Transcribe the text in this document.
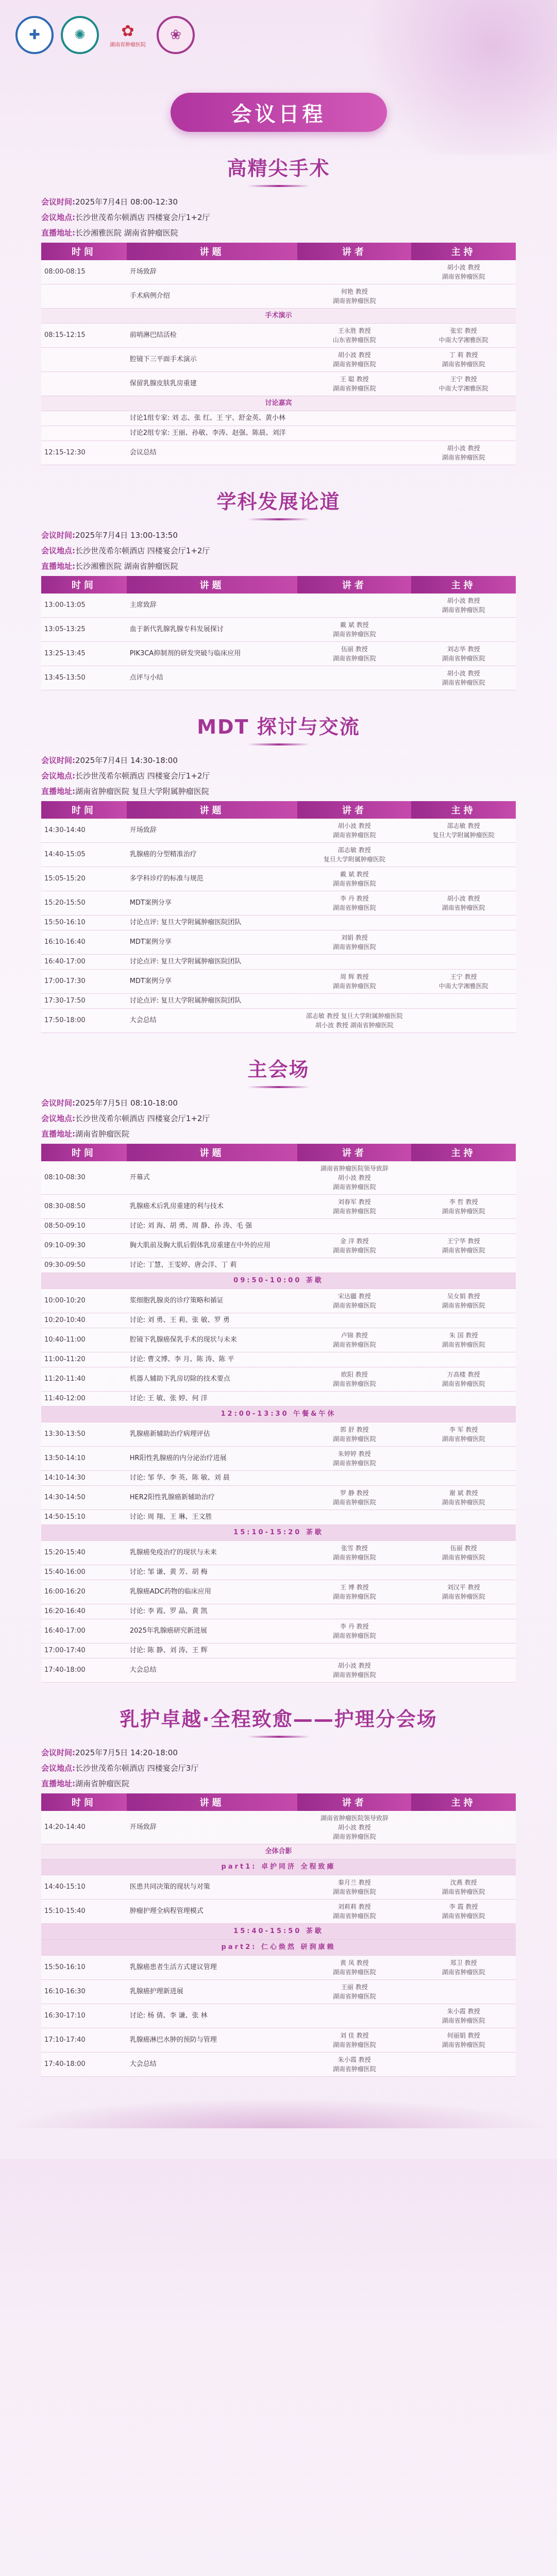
✚	✺	✿
湖南省肿瘤医院
❀
会议日程
高精尖手术
会议时间:2025年7月4日 08:00-12:30
会议地点:长沙世茂希尔顿酒店 四楼宴会厅1+2厅
直播地址:长沙湘雅医院 湖南省肿瘤医院
时间	讲题	讲者	主持
08:00-08:15	开场致辞		胡小波 教授
湖南省肿瘤医院
	手术病例介绍	何艳 教授
湖南省肿瘤医院	
手术演示			
08:15-12:15	前哨淋巴结活检	王永胜 教授
山东省肿瘤医院	张宏 教授
中南大学湘雅医院
	腔镜下三平面手术演示	胡小波 教授
湖南省肿瘤医院	丁 莉 教授
湖南省肿瘤医院
	保留乳腺皮肤乳房重建	王 聪 教授
湖南省肿瘤医院	王宁 教授
中南大学湘雅医院
讨论嘉宾			
	讨论1组专家: 刘 志、张 红、王 宇、舒金英、黄小林		
	讨论2组专家: 王丽、孙敏、李涛、赵强、陈晨、刘洋		
12:15-12:30	会议总结		胡小波 教授
湖南省肿瘤医院
学科发展论道
会议时间:2025年7月4日 13:00-13:50
会议地点:长沙世茂希尔顿酒店 四楼宴会厅1+2厅
直播地址:长沙湘雅医院 湖南省肿瘤医院
时间	讲题	讲者	主持
13:00-13:05	主席致辞		胡小波 教授
湖南省肿瘤医院
13:05-13:25	血于新代乳腺乳腺专科发展探讨	戴 斌 教授
湖南省肿瘤医院	
13:25-13:45	PIK3CA抑制剂的研发突破与临床应用	伍丽 教授
湖南省肿瘤医院	刘志华 教授
湖南省肿瘤医院
13:45-13:50	点评与小结		胡小波 教授
湖南省肿瘤医院
MDT 探讨与交流
会议时间:2025年7月4日 14:30-18:00
会议地点:长沙世茂希尔顿酒店 四楼宴会厅1+2厅
直播地址:湖南省肿瘤医院 复旦大学附属肿瘤医院
时间	讲题	讲者	主持
14:30-14:40	开场致辞	胡小波 教授
湖南省肿瘤医院	邵志敏 教授
复旦大学附属肿瘤医院
14:40-15:05	乳腺癌的分型精准治疗	邵志敏 教授
复旦大学附属肿瘤医院	
15:05-15:20	多学科诊疗的标准与规范	戴 斌 教授
湖南省肿瘤医院	
15:20-15:50	MDT案例分享	李 丹 教授
湖南省肿瘤医院	胡小波 教授
湖南省肿瘤医院
15:50-16:10	讨论点评: 复旦大学附属肿瘤医院团队		
16:10-16:40	MDT案例分享	刘娟 教授
湖南省肿瘤医院	
16:40-17:00	讨论点评: 复旦大学附属肿瘤医院团队		
17:00-17:30	MDT案例分享	周 辉 教授
湖南省肿瘤医院	王宁 教授
中南大学湘雅医院
17:30-17:50	讨论点评: 复旦大学附属肿瘤医院团队		
17:50-18:00	大会总结	邵志敏 教授 复旦大学附属肿瘤医院
胡小波 教授 湖南省肿瘤医院	
主会场
会议时间:2025年7月5日 08:10-18:00
会议地点:长沙世茂希尔顿酒店 四楼宴会厅1+2厅
直播地址:湖南省肿瘤医院
时间	讲题	讲者	主持
08:10-08:30	开幕式	湖南省肿瘤医院领导致辞
胡小波 教授
湖南省肿瘤医院	
08:30-08:50	乳腺癌术后乳房重建的利与技术	刘春军 教授
湖南省肿瘤医院	李 哲 教授
湖南省肿瘤医院
08:50-09:10	讨论: 刘 海、胡 勇、周 静、孙 涛、毛 强		
09:10-09:30	胸大肌前及胸大肌后假体乳房重建在中外的应用	金 洋 教授
湖南省肿瘤医院	王宁华 教授
湖南省肿瘤医院
09:30-09:50	讨论: 丁慧、王雯婷、唐会洋、丁 莉		
09:50-10:00 茶歇			
10:00-10:20	浆细胞乳腺炎的诊疗策略和循证	宋达疆 教授
湖南省肿瘤医院	吴女娟 教授
湖南省肿瘤医院
10:20-10:40	讨论: 刘 勇、王 莉、张 敏、罗 勇		
10:40-11:00	腔镜下乳腺癌保乳手术的现状与未来	卢锦 教授
湖南省肿瘤医院	朱 国 教授
湖南省肿瘤医院
11:00-11:20	讨论: 曹文博、李 月、陈 涛、陈 平		
11:20-11:40	机器人辅助下乳房切除的技术要点	欧阳 教授
湖南省肿瘤医院	万高楼 教授
湖南省肿瘤医院
11:40-12:00	讨论: 王 敏、张 婷、何 洋		
12:00-13:30 午餐&午休			
13:30-13:50	乳腺癌新辅助治疗病理评估	郭 舒 教授
湖南省肿瘤医院	李 军 教授
湖南省肿瘤医院
13:50-14:10	HR阳性乳腺癌的内分泌治疗进展	朱婷婷 教授
湖南省肿瘤医院	
14:10-14:30	讨论: 邹 华、李 英、陈 敏、刘 晨		
14:30-14:50	HER2阳性乳腺癌新辅助治疗	罗 静 教授
湖南省肿瘤医院	谢 斌 教授
湖南省肿瘤医院
14:50-15:10	讨论: 周 翔、王 琳、王文胜		
15:10-15:20 茶歇			
15:20-15:40	乳腺癌免疫治疗的现状与未来	张雪 教授
湖南省肿瘤医院	伍丽 教授
湖南省肿瘤医院
15:40-16:00	讨论: 邹 谦、黄 芳、胡 梅		
16:00-16:20	乳腺癌ADC药物的临床应用	王 博 教授
湖南省肿瘤医院	刘汉平 教授
湖南省肿瘤医院
16:20-16:40	讨论: 李 霞、罗 晶、黄 凯		
16:40-17:00	2025年乳腺癌研究新进展	李 丹 教授
湖南省肿瘤医院	
17:00-17:40	讨论: 陈 静、刘 涛、王 辉		
17:40-18:00	大会总结	胡小波 教授
湖南省肿瘤医院	
乳护卓越·全程致愈——护理分会场
会议时间:2025年7月5日 14:20-18:00
会议地点:长沙世茂希尔顿酒店 四楼宴会厅3厅
直播地址:湖南省肿瘤医院
时间	讲题	讲者	主持
14:20-14:40	开场致辞	湖南省肿瘤医院领导致辞
胡小波 教授
湖南省肿瘤医院	
全体合影			
part1: 卓护同济 全程致瘫			
14:40-15:10	医患共同决策的现状与对策	秦月兰 教授
湖南省肿瘤医院	沈燕 教授
湖南省肿瘤医院
15:10-15:40	肿瘤护理全病程管理模式	刘莉莉 教授
湖南省肿瘤医院	李 霞 教授
湖南省肿瘤医院
15:40-15:50 茶歇			
part2: 仁心焕然 研润康赖			
15:50-16:10	乳腺癌患者生活方式建议管理	黄 凤 教授
湖南省肿瘤医院	郑卫 教授
湖南省肿瘤医院
16:10-16:30	乳腺癌护理新进展	王丽 教授
湖南省肿瘤医院	
16:30-17:10	讨论: 杨 倩、李 谦、张 林		朱小霞 教授
湖南省肿瘤医院
17:10-17:40	乳腺癌淋巴水肿的预防与管理	刘 佳 教授
湖南省肿瘤医院	何丽娟 教授
湖南省肿瘤医院
17:40-18:00	大会总结	朱小霞 教授
湖南省肿瘤医院	
